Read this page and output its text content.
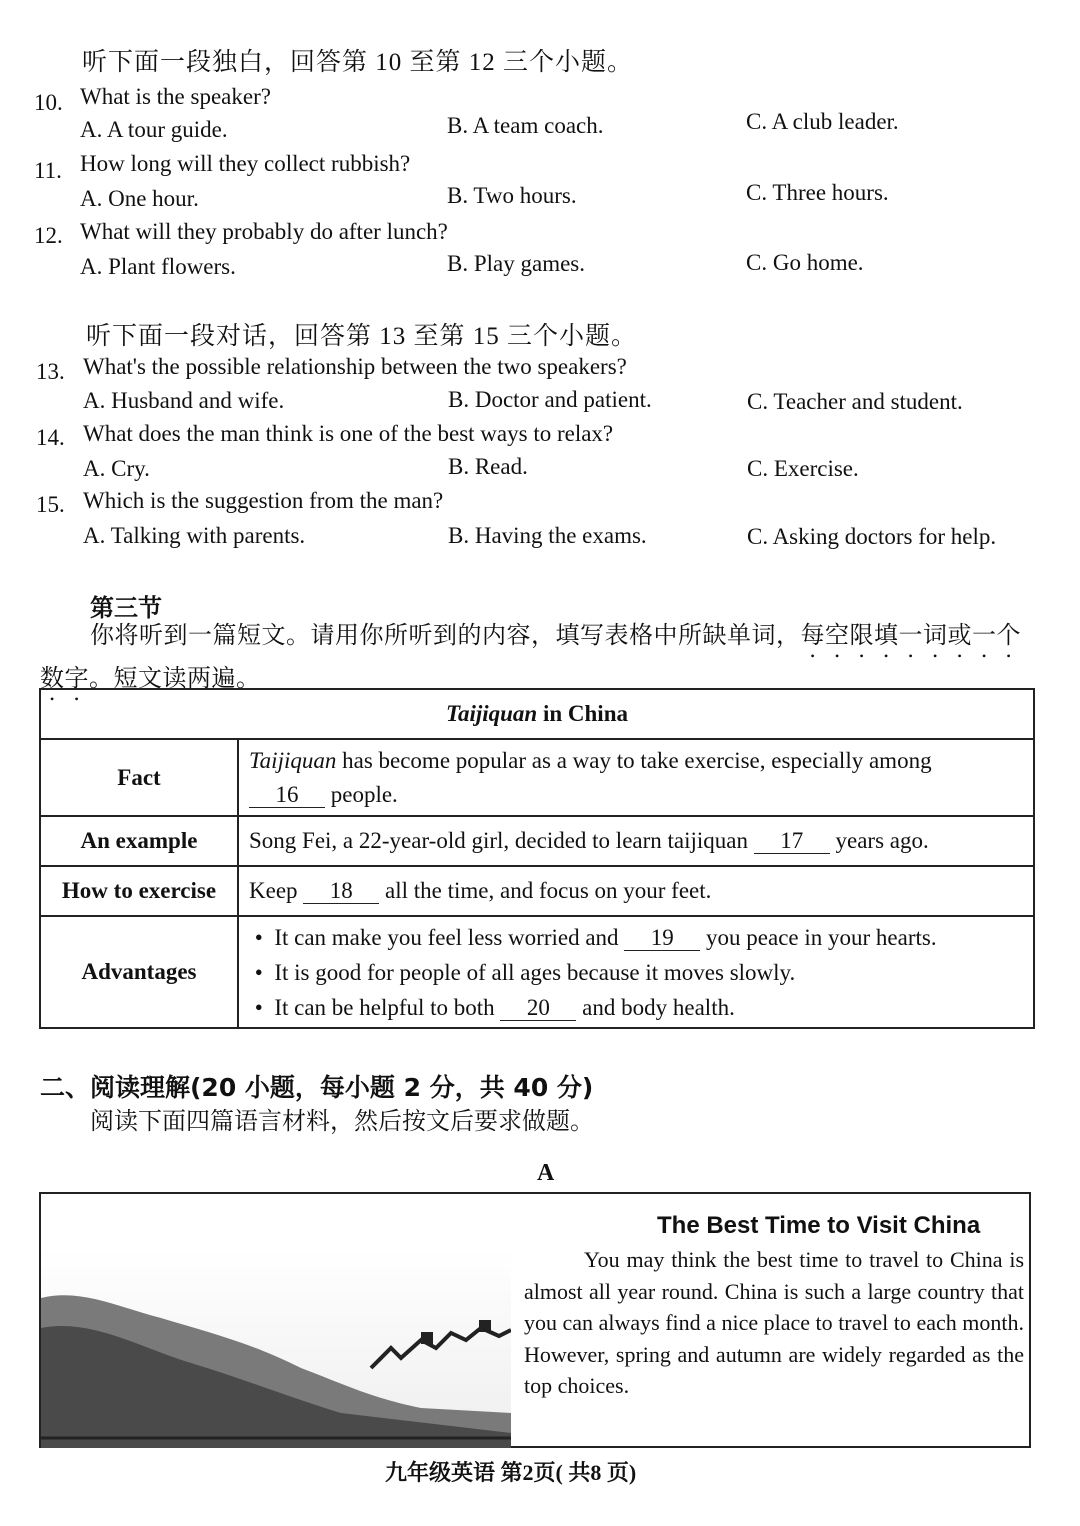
听下面一段独白，回答第 10 至第 12 三个小题。
10. What is the speaker?
A. A tour guide.	B. A team coach.	C. A club leader.
11. How long will they collect rubbish?
A. One hour.	B. Two hours.	C. Three hours.
12. What will they probably do after lunch?
A. Plant flowers.	B. Play games.	C. Go home.
听下面一段对话，回答第 13 至第 15 三个小题。
13. What's the possible relationship between the two speakers?
A. Husband and wife.	B. Doctor and patient.	C. Teacher and student.
14. What does the man think is one of the best ways to relax?
A. Cry.	B. Read.	C. Exercise.
15. Which is the suggestion from the man?
A. Talking with parents.	B. Having the exams.	C. Asking doctors for help.
第三节
你将听到一篇短文。请用你所听到的内容，填写表格中所缺单词，每空限填一词或一个数字。短文读两遍。
Taijiquan in China	
Fact	Taijiquan has become popular as a way to take exercise, especially among
16 people.
An example	Song Fei, a 22-year-old girl, decided to learn taijiquan 17 years ago.
How to exercise	Keep 18 all the time, and focus on your feet.
Advantages	•  It can make you feel less worried and 19 you peace in your hearts.
•  It is good for people of all ages because it moves slowly.
•  It can be helpful to both 20 and body health.
二、阅读理解(20 小题，每小题 2 分，共 40 分)
阅读下面四篇语言材料，然后按文后要求做题。
A
The Best Time to Visit China
You may think the best time to travel to China is almost all year round. China is such a large country that you can always find a nice place to travel to each month. However, spring and autumn are widely regarded as the top choices.
九年级英语 第2页( 共8 页)
